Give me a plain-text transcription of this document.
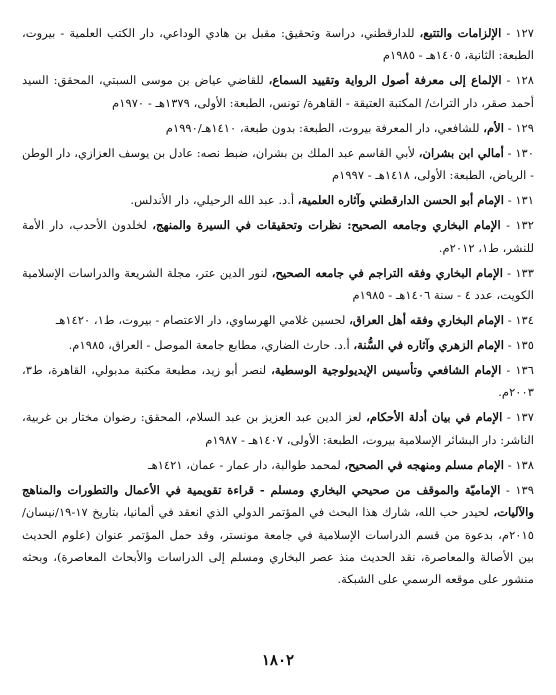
١٢٧ - الإلزامات والتتبع، للدارقطني، دراسة وتحقيق: مقبل بن هادي الوداعي، دار الكتب العلمية - بيروت، الطبعة: الثانية، ١٤٠٥هـ - ١٩٨٥م

١٢٨ - الإلماع إلى معرفة أصول الرواية وتقييد السماع، للقاضي عياض بن موسى السبتي، المحقق: السيد أحمد صقر، دار التراث/ المكتبة العتيقة - القاهرة/ تونس، الطبعة: الأولى، ١٣٧٩هـ - ١٩٧٠م

١٢٩ - الأم، للشافعي، دار المعرفة بيروت، الطبعة: بدون طبعة، ١٤١٠هـ/١٩٩٠م

١٣٠ - أمالي ابن بشران، لأبي القاسم عبد الملك بن بشران، ضبط نصه: عادل بن يوسف العزازي، دار الوطن - الرياض، الطبعة: الأولى، ١٤١٨هـ - ١٩٩٧م

١٣١ - الإمام أبو الحسن الدارقطني وآثاره العلمية، أ.د. عبد الله الرحيلي، دار الأندلس.

١٣٢ - الإمام البخاري وجامعه الصحيح: نظرات وتحقيقات في السيرة والمنهج، لخلدون الأحدب، دار الأمة للنشر، ط١، ٢٠١٢م.

١٣٣ - الإمام البخاري وفقه التراجم في جامعه الصحيح، لنور الدين عتر، مجلة الشريعة والدراسات الإسلامية الكويت، عدد ٤ - سنة ١٤٠٦هـ - ١٩٨٥م

١٣٤ - الإمام البخاري وفقه أهل العراق، لحسين غلامي الهرساوي، دار الاعتصام - بيروت، ط١، ١٤٢٠هـ

١٣٥ - الإمام الزهري وآثاره في السُّنة، أ.د. حارث الضاري، مطابع جامعة الموصل - العراق، ١٩٨٥م.

١٣٦ - الإمام الشافعي وتأسيس الإيديولوجية الوسطية، لنصر أبو زيد، مطبعة مكتبة مدبولي، القاهرة، ط٣، ٢٠٠٣م.

١٣٧ - الإمام في بيان أدلة الأحكام، لعز الدين عبد العزيز بن عبد السلام، المحقق: رضوان مختار بن غربية، الناشر: دار البشائر الإسلامية بيروت، الطبعة: الأولى، ١٤٠٧هـ - ١٩٨٧م

١٣٨ - الإمام مسلم ومنهجه في الصحيح، لمحمد طوالبة، دار عمار - عمان، ١٤٢١هـ

١٣٩ - الإماميّة والموقف من صحيحي البخاري ومسلم - قراءة تقويمية في الأعمال والتطورات والمناهج والآليات، لحيدر حب الله، شارك هذا البحث في المؤتمر الدولي الذي انعقد في ألمانيا، بتاريخ ١٧-١٩/نيسان/٢٠١٥م، بدعوة من قسم الدراسات الإسلامية في جامعة مونستر، وقد حمل المؤتمر عنوان (علوم الحديث بين الأصالة والمعاصرة، نقد الحديث منذ عصر البخاري ومسلم إلى الدراسات والأبحاث المعاصرة)، وبحثه منشور على موقعه الرسمي على الشبكة.

١٨٠٢
